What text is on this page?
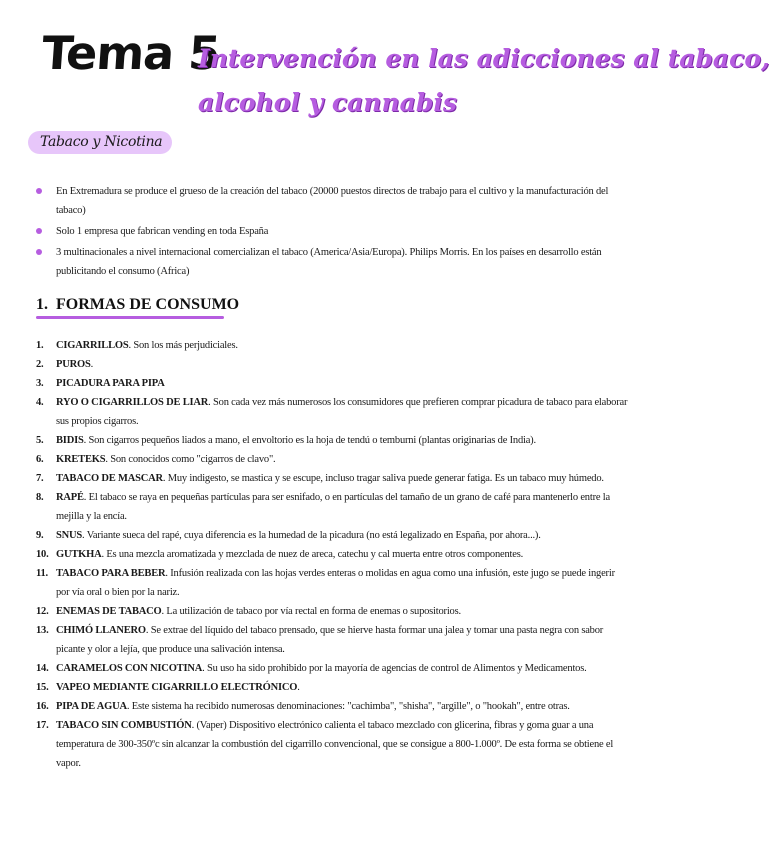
Tema 5
Intervención en las adicciones al tabaco,
alcohol y cannabis
Tabaco y Nicotina
En Extremadura se produce el grueso de la creación del tabaco (20000 puestos directos de trabajo para el cultivo y la manufacturación del tabaco)
Solo 1 empresa que fabrican vending en toda España
3 multinacionales a nivel internacional comercializan el tabaco (America/Asia/Europa). Philips Morris. En los países en desarrollo están publicitando el consumo (Africa)
1. FORMAS DE CONSUMO
1. CIGARRILLOS. Son los más perjudiciales.
2. PUROS.
3. PICADURA PARA PIPA
4. RYO O CIGARRILLOS DE LIAR. Son cada vez más numerosos los consumidores que prefieren comprar picadura de tabaco para elaborar sus propios cigarros.
5. BIDIS. Son cigarros pequeños liados a mano, el envoltorio es la hoja de tendú o temburni (plantas originarias de India).
6. KRETEKS. Son conocidos como "cigarros de clavo".
7. TABACO DE MASCAR. Muy indigesto, se mastica y se escupe, incluso tragar saliva puede generar fatiga. Es un tabaco muy húmedo.
8. RAPÉ. El tabaco se raya en pequeñas partículas para ser esnifado, o en partículas del tamaño de un grano de café para mantenerlo entre la mejilla y la encía.
9. SNUS. Variante sueca del rapé, cuya diferencia es la humedad de la picadura (no está legalizado en España, por ahora...).
10. GUTKHA. Es una mezcla aromatizada y mezclada de nuez de areca, catechu y cal muerta entre otros componentes.
11. TABACO PARA BEBER. Infusión realizada con las hojas verdes enteras o molidas en agua como una infusión, este jugo se puede ingerir por vía oral o bien por la nariz.
12. ENEMAS DE TABACO. La utilización de tabaco por vía rectal en forma de enemas o supositorios.
13. CHIMÓ LLANERO. Se extrae del líquido del tabaco prensado, que se hierve hasta formar una jalea y tomar una pasta negra con sabor picante y olor a lejía, que produce una salivación intensa.
14. CARAMELOS CON NICOTINA. Su uso ha sido prohibido por la mayoría de agencias de control de Alimentos y Medicamentos.
15. VAPEO MEDIANTE CIGARRILLO ELECTRÓNICO.
16. PIPA DE AGUA. Este sistema ha recibido numerosas denominaciones: "cachimba", "shisha", "argille", o "hookah", entre otras.
17. TABACO SIN COMBUSTIÓN. (Vaper) Dispositivo electrónico calienta el tabaco mezclado con glicerina, fibras y goma guar a una temperatura de 300-350ºc sin alcanzar la combustión del cigarrillo convencional, que se consigue a 800-1.000º. De esta forma se obtiene el vapor.
